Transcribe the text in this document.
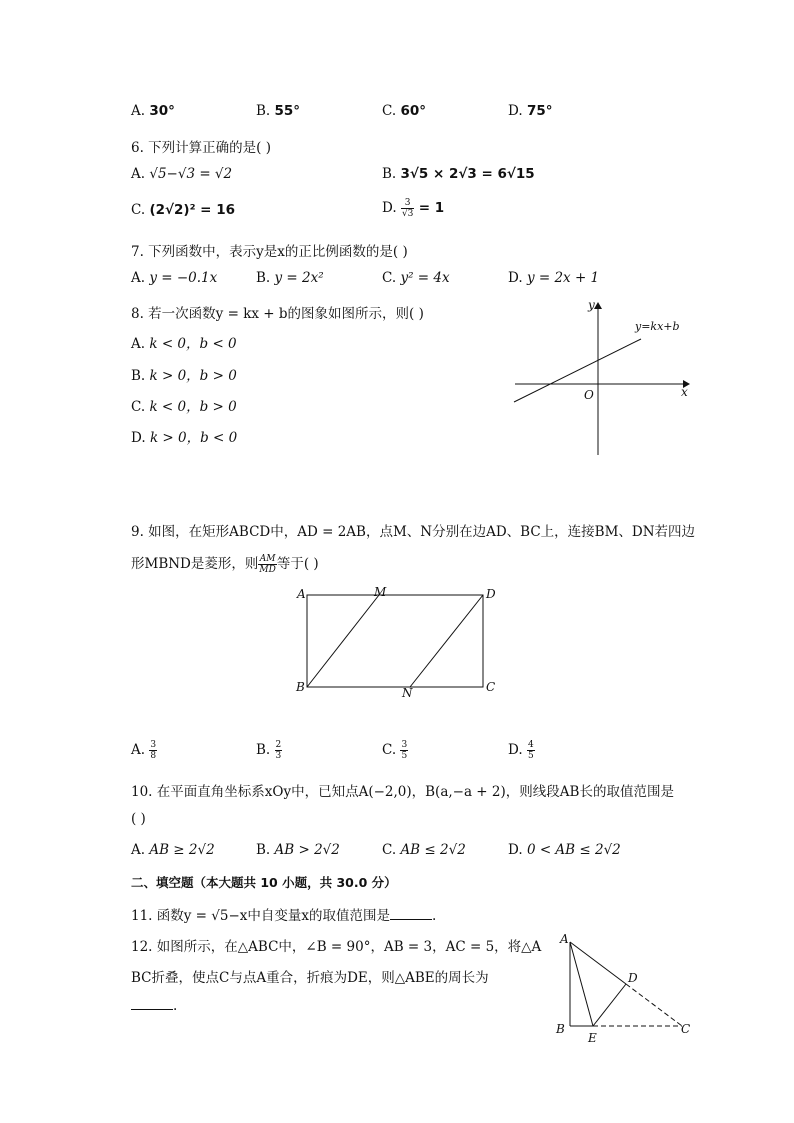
A. 30°	B. 55°	C. 60°	D. 75°
6. 下列计算正确的是( )
A. √5−√3 = √2	B. 3√5 × 2√3 = 6√15
C. (2√2)² = 16	D. $\frac{3}{√3} = 1$
7. 下列函数中，表示y是x的正比例函数的是( )
A. y = −0.1x	B. y = 2x²	C. y² = 4x	D. y = 2x + 1
8. 若一次函数y = kx + b的图象如图所示，则( )
A. k < 0，b < 0
B. k > 0，b > 0
C. k < 0，b > 0
D. k > 0，b < 0
y
x
O
y=kx+b
9. 如图，在矩形ABCD中，AD = 2AB，点M、N分别在边AD、BC上，连接BM、DN若四边
形MBND是菱形，则 $\frac{AM}{MD}$ 等于( )
A	M	D
B	N	C
A. $\frac{3}{8}$	B. $\frac{2}{3}$	C. $\frac{3}{5}$	D. $\frac{4}{5}$
10. 在平面直角坐标系xOy中，已知点A(−2,0)，B(a,−a + 2)，则线段AB长的取值范围是
( )
A. AB ≥ 2√2	B. AB > 2√2	C. AB ≤ 2√2	D. 0 < AB ≤ 2√2
二、填空题（本大题共 10 小题，共 30.0 分）
11. 函数y = √5−x中自变量x的取值范围是	.
12. 如图所示，在△ABC中，∠B = 90°，AB = 3，AC = 5，将△A
BC折叠，使点C与点A重合，折痕为DE，则△ABE的周长为
.
A
D
B
E
C
